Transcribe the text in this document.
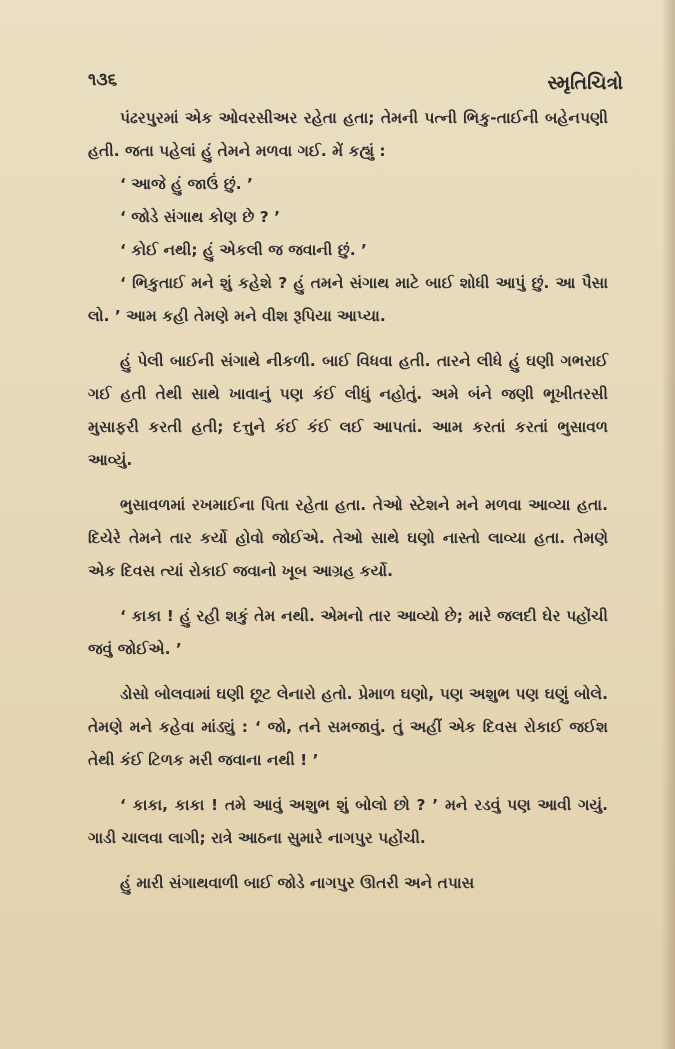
૧૩૬	સ્મૃતિચિત્રો

પંઢરપુરમાં એક ઓવરસીઅર રહેતા હતા; તેમની પત્ની ભિકુ-તાઈની બહેનપણી હતી. જતા પહેલાં હું તેમને મળવા ગઈ. મેં કહ્યું :

‘ આજે હું જાઉં છું. ’

‘ જોડે સંગાથ કોણ છે ? ’

‘ કોઈ નથી; હું એકલી જ જવાની છું. ’

‘ ભિકુતાઈ મને શું કહેશે ? હું તમને સંગાથ માટે બાઈ શોધી આપું છું. આ પૈસા લો. ’ આમ કહી તેમણે મને વીશ રૂપિયા આપ્યા.

હું પેલી બાઈની સંગાથે નીકળી. બાઈ વિધવા હતી. તારને લીધે હું ઘણી ગભરાઈ ગઈ હતી તેથી સાથે ખાવાનું પણ કંઈ લીધું નહોતું. અમે બંને જણી ભૂખીતરસી મુસાફરી કરતી હતી; દત્તુને કંઈ કંઈ લઈ આપતાં. આમ કરતાં કરતાં ભુસાવળ આવ્યું.

ભુસાવળમાં રખમાઈના પિતા રહેતા હતા. તેઓ સ્ટેશને મને મળવા આવ્યા હતા. દિયેરે તેમને તાર કર્યો હોવો જોઈએ. તેઓ સાથે ઘણો નાસ્તો લાવ્યા હતા. તેમણે એક દિવસ ત્યાં રોકાઈ જવાનો ખૂબ આગ્રહ કર્યો.

‘ કાકા ! હું રહી શકું તેમ નથી. એમનો તાર આવ્યો છે; મારે જલદી ઘેર પહોંચી જવું જોઈએ. ’

ડોસો બોલવામાં ઘણી છૂટ લેનારો હતો. પ્રેમાળ ઘણો, પણ અશુભ પણ ઘણું બોલે. તેમણે મને કહેવા માંડ્યું : ‘ જો, તને સમજાવું. તું અહીં એક દિવસ રોકાઈ જઈશ તેથી કંઈ ટિળક મરી જવાના નથી ! ’

‘ કાકા, કાકા ! તમે આવું અશુભ શું બોલો છો ? ’ મને રડવું પણ આવી ગયું. ગાડી ચાલવા લાગી; રાત્રે આઠના સુમારે નાગપુર પહોંચી.

હું મારી સંગાથવાળી બાઈ જોડે નાગપુર ઊતરી અને તપાસ
